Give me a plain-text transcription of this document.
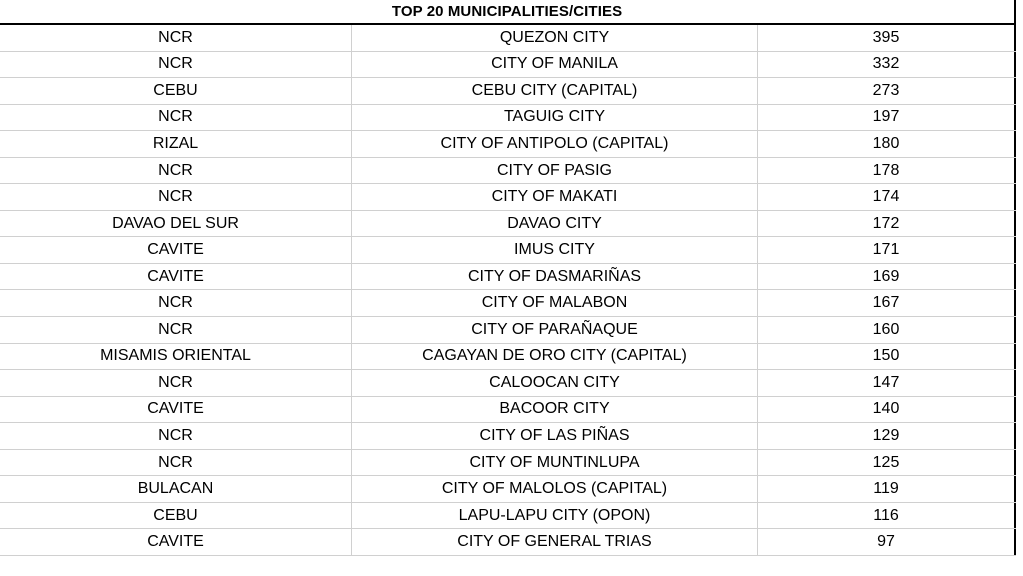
TOP 20 MUNICIPALITIES/CITIES
NCR	QUEZON CITY	395
NCR	CITY OF MANILA	332
CEBU	CEBU CITY (CAPITAL)	273
NCR	TAGUIG CITY	197
RIZAL	CITY OF ANTIPOLO (CAPITAL)	180
NCR	CITY OF PASIG	178
NCR	CITY OF MAKATI	174
DAVAO DEL SUR	DAVAO CITY	172
CAVITE	IMUS CITY	171
CAVITE	CITY OF DASMARIÑAS	169
NCR	CITY OF MALABON	167
NCR	CITY OF PARAÑAQUE	160
MISAMIS ORIENTAL	CAGAYAN DE ORO CITY (CAPITAL)	150
NCR	CALOOCAN CITY	147
CAVITE	BACOOR CITY	140
NCR	CITY OF LAS PIÑAS	129
NCR	CITY OF MUNTINLUPA	125
BULACAN	CITY OF MALOLOS (CAPITAL)	119
CEBU	LAPU-LAPU CITY (OPON)	116
CAVITE	CITY OF GENERAL TRIAS	97
